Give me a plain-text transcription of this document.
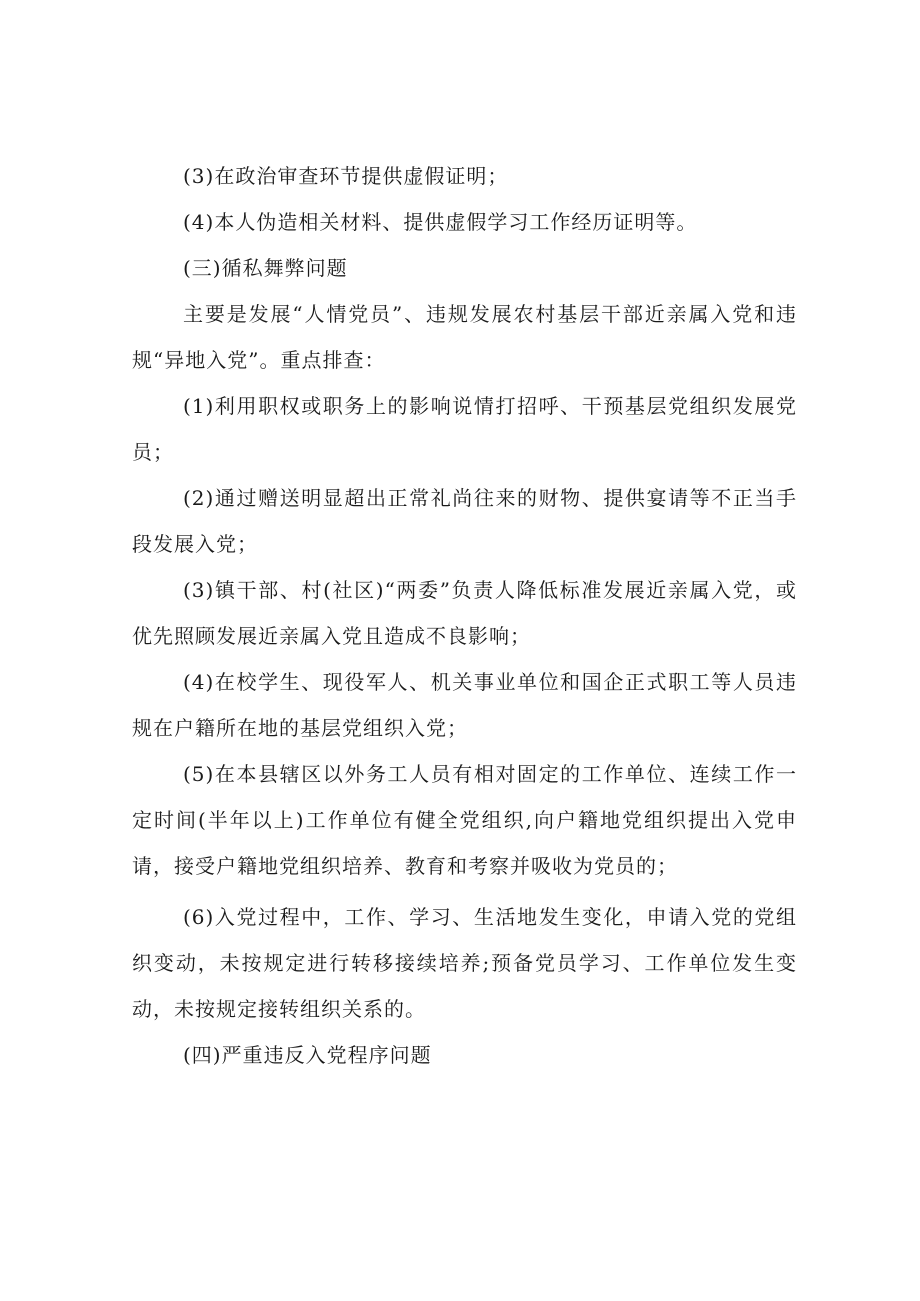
(3)在政治审查环节提供虚假证明；

(4)本人伪造相关材料、提供虚假学习工作经历证明等。

(三)循私舞弊问题

主要是发展“人情党员”、违规发展农村基层干部近亲属入党和违规“异地入党”。重点排查：

(1)利用职权或职务上的影响说情打招呼、干预基层党组织发展党员；

(2)通过赠送明显超出正常礼尚往来的财物、提供宴请等不正当手段发展入党；

(3)镇干部、村(社区)“两委”负责人降低标准发展近亲属入党，或优先照顾发展近亲属入党且造成不良影响；

(4)在校学生、现役军人、机关事业单位和国企正式职工等人员违规在户籍所在地的基层党组织入党；

(5)在本县辖区以外务工人员有相对固定的工作单位、连续工作一定时间(半年以上)工作单位有健全党组织,向户籍地党组织提出入党申请，接受户籍地党组织培养、教育和考察并吸收为党员的；

(6)入党过程中，工作、学习、生活地发生变化，申请入党的党组织变动，未按规定进行转移接续培养;预备党员学习、工作单位发生变动，未按规定接转组织关系的。

(四)严重违反入党程序问题
